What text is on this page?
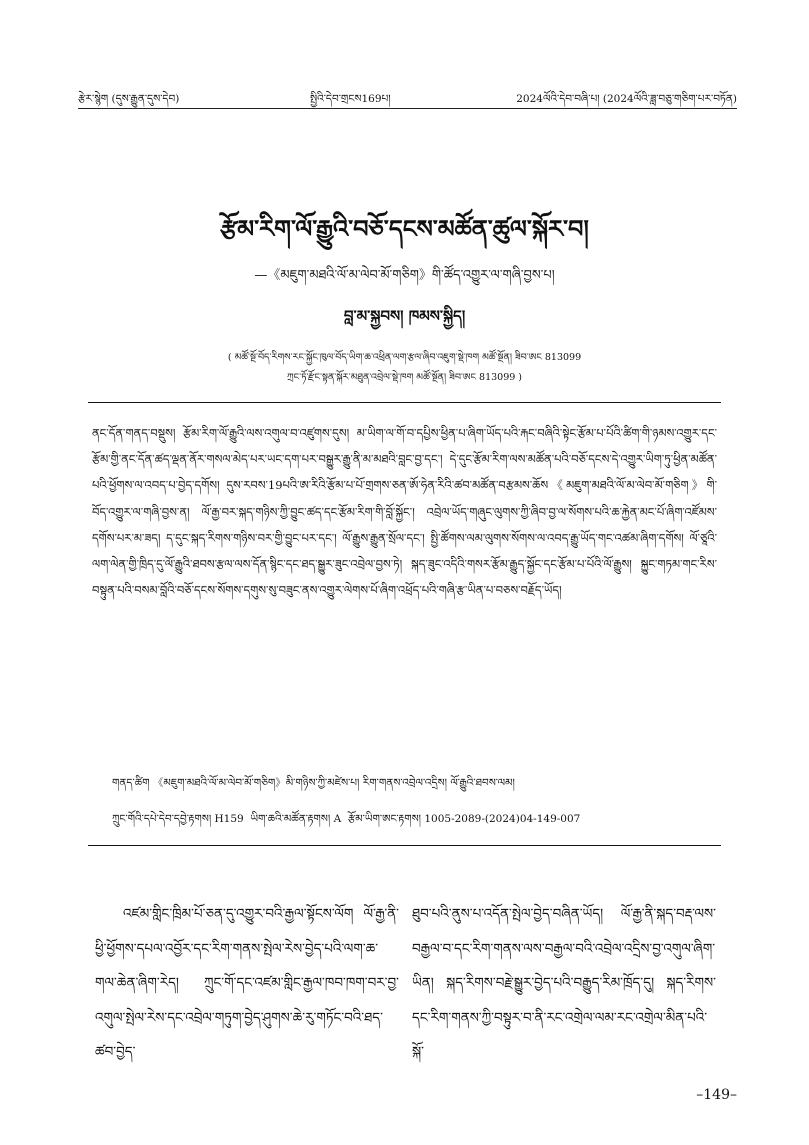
རྩེར་སྙེག (དུས་རྒྱུན་དུས་དེབ)	སྤྱིའི་དེབ་གྲངས169པ།	2024ལོའི་དེབ་བཞི་པ། (2024ལོའི་ཟླ་བཅུ་གཅིག་པར་བཏོན)
རྩོམ་རིག་ལོ་རྒྱུའི་བཅོ་དངས་མཚོན་ཚུལ་སྐོར་བ།
—《མཇུག་མཐའི་ལོ་མ་ལེབ་མོ་གཅིག》གི་ཚོད་འགྱུར་ལ་གཞི་བྱས་པ།
བླ་མ་སྐྱབས། ཁམས་སྐྱིད།
( མཚོ་སྔོ་བོད་རིགས་རང་སྐྱོང་ཁུལ་བོད་ཡིག་ཆ་འཕྲིན་ལག་རྩལ་ཞིབ་འཇུག་སྡེ་ཁག མཚོ་སྔོན། ཟིབ་ཨང 813099
ཀྲང་ཏོ་རྫོང་སྟན་སྐོར་མཐུན་འབྲེལ་སྡེ་ཁག མཚོ་སྔོན། ཟིབ་ཨང 813099 )
ནང་དོན་གནད་བསྡུས། རྩོམ་རིག་ལོ་རྒྱུའི་ལས་འགུལ་བ་འཛུགས་དུས། མ་ཡིག་ལ་གོ་བ་དཔྱིས་ཕྱིན་པ་ཞིག་ཡོད་པའི་རྐང་བཞིའི་སྟེང་རྩོམ་པ་པོའི་ཚིག་གི་ཉམས་འགྱུར་དང་རྩོམ་གྱི་ནང་དོན་ཚད་ལྡན་ནོར་གསལ་མེད་པར་ཡང་དག་པར་བསྒྱུར་རྒྱུ་ནི་མ་མཐའི་བླང་བྱ་དང་། དེ་དུང་རྩོམ་རིག་ལས་མཚོན་པའི་བཅོ་དངས་དེ་འགྱུར་ཡིག་ཏུ་ཕྱིན་མཚོན་པའི་ཕྱོགས་ལ་འབད་པ་བྱེད་དགོས། དུས་རབས་19པའི་ཨ་རིའི་རྩོམ་པ་པོ་གྲགས་ཅན་ཨོ་ཧེན་རིའི་ཚབ་མཚོན་བརྩམས་ཆོས《མཇུག་མཐའི་ལོ་མ་ལེབ་མོ་གཅིག》གི་བོད་འགྱུར་ལ་གཞི་བྱས་ན། ལོ་རྒྱ་བར་སྐད་གཉིས་ཀྱི་བྱུང་ཚད་དང་རྩོམ་རིག་གི་བློ་སྐྱོང་། འབྲེལ་ཡོད་གཞུང་ལུགས་ཀྱི་ཞིབ་བྱ་ལ་སོགས་པའི་ཆ་རྐྱེན་མང་པོ་ཞིག་འཛོམས་དགོས་པར་མ་ཟད། ད་དུང་སྐད་རིགས་གཉིས་བར་གྱི་བྱུང་པར་དང་། ལོ་རྒྱུས་རྒྱུན་སྲོལ་དང་། སྤྱི་ཚོགས་ལམ་ལུགས་སོགས་ལ་འབད་རྒྱུ་ཡོད་གང་འཚམ་ཞིག་དགོས། ལོ་ཙཱའི་ལག་ལེན་གྱི་ཁྲིད་དུ་ལོ་རྒྱུའི་ཐབས་རྩལ་ལས་དོན་སྙིང་དང་ཐད་སྒྱུར་ཟུང་འབྲེལ་བྱས་ཏེ། སྐད་ཟུང་འདིའི་གསར་རྩོམ་རྒྱུད་སྐྱོང་དང་རྩོམ་པ་པོའི་ལོ་རྒྱུས། སྐྱུང་གཏམ་གང་རིས་བསྟུན་པའི་བསམ་བློའི་བཅོ་དངས་སོགས་དགུས་སུ་བཟུང་ནས་འགྱུར་ལེགས་པོ་ཞིག་འཕྲོད་པའི་གཞི་རྩ་ཡིན་པ་བཅས་བརྗོད་ཡོད།
གནད་ཚིག 《མཇུག་མཐའི་ལོ་མ་ལེབ་མོ་གཅིག》མི་གཉིས་ཀྱི་མཛེས་པ། རིག་གནས་འབྲེལ་འདྲིས། ལོ་རྒྱུའི་ཐབས་ལམ།
ཀྲུང་གོའི་དཔེ་དེབ་དབྱེ་རྟགས། H159 ཡིག་ཆའི་མཚོན་རྟགས། A རྩོམ་ཡིག་ཨང་རྟགས། 1005-2089-(2024)04-149-007
འཛམ་གླིང་ཁྲིམ་པོ་ཅན་དུ་འགྱུར་བའི་རྒྱལ་སྟོངས་ལོག ལོ་རྒྱ་ནི་ཕྱི་ཕྱོགས་དཔལ་འབྱོར་དང་རིག་གནས་སྤེལ་རེས་བྱེད་པའི་ལག་ཆ་གལ་ཆེན་ཞིག་རེད། ཀྲུང་གོ་དང་འཛམ་གླིང་རྒྱལ་ཁབ་ཁག་བར་བྱ་འགུལ་སྤེལ་རེས་དང་འབྲེལ་གཏུག་བྱེད་ཤུགས་ཆེ་རུ་གཏོང་བའི་ཐད་ཚབ་བྱེད་
ཐུབ་པའི་ནུས་པ་འདོན་སྤེལ་བྱེད་བཞིན་ཡོད། ལོ་རྒྱ་ནི་སྐད་བརྡ་ལས་བརྒྱལ་བ་དང་རིག་གནས་ལས་བརྒྱལ་བའི་འབྲེལ་འདྲིས་བྱ་འགུལ་ཞིག་ཡིན། སྐད་རིགས་བརྗེ་སྒྱུར་བྱེད་པའི་བརྒྱུད་རིམ་ཁྲོད་དུ། སྐད་རིགས་དང་རིག་གནས་ཀྱི་བསྟུར་བ་ནི་རང་འགྲེལ་ལམ་རང་འགྲེལ་མིན་པའི་སྐོ་
–149–
